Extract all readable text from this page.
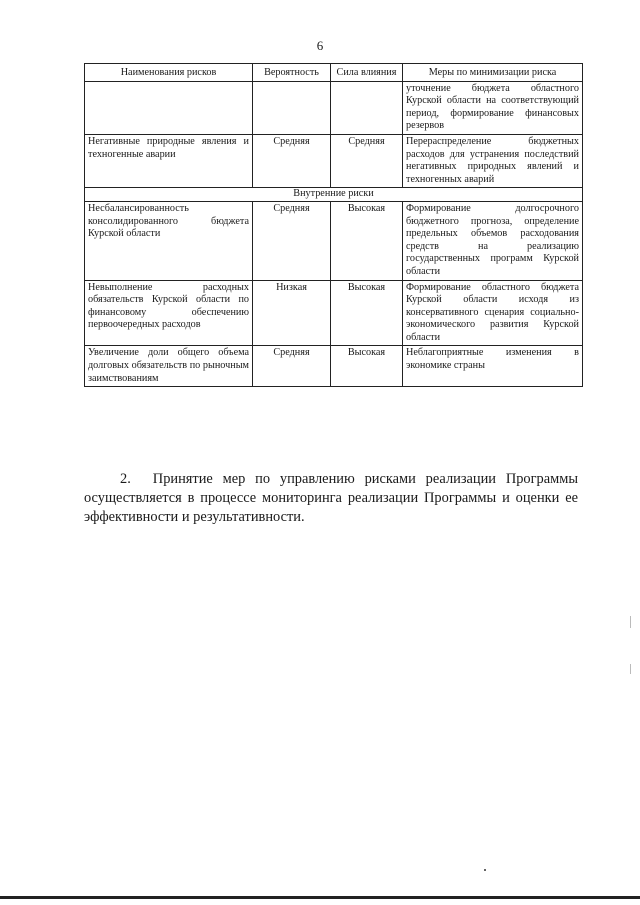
6
Наименования рисков	Вероятность	Сила влияния	Меры по минимизации риска
			уточнение бюджета областного Курской области на соответствующий период, формирование финансовых резервов
Негативные природные явления и техногенные аварии	Средняя	Средняя	Перераспределение бюджетных расходов для устранения последствий негативных природных явлений и техногенных аварий
Внутренние риски			
Несбалансированность консолидированного бюджета Курской области	Средняя	Высокая	Формирование долгосрочного бюджетного прогноза, определение предельных объемов расходования средств на реализацию государственных программ Курской области
Невыполнение расходных обязательств Курской области по финансовому обеспечению первоочередных расходов	Низкая	Высокая	Формирование областного бюджета Курской области исходя из консервативного сценария социально-экономического развития Курской области
Увеличение доли общего объема долговых обязательств по рыночным заимствованиям	Средняя	Высокая	Неблагоприятные изменения в экономике страны

2. Принятие мер по управлению рисками реализации Программы осуществляется в процессе мониторинга реализации Программы и оценки ее эффективности и результативности.
